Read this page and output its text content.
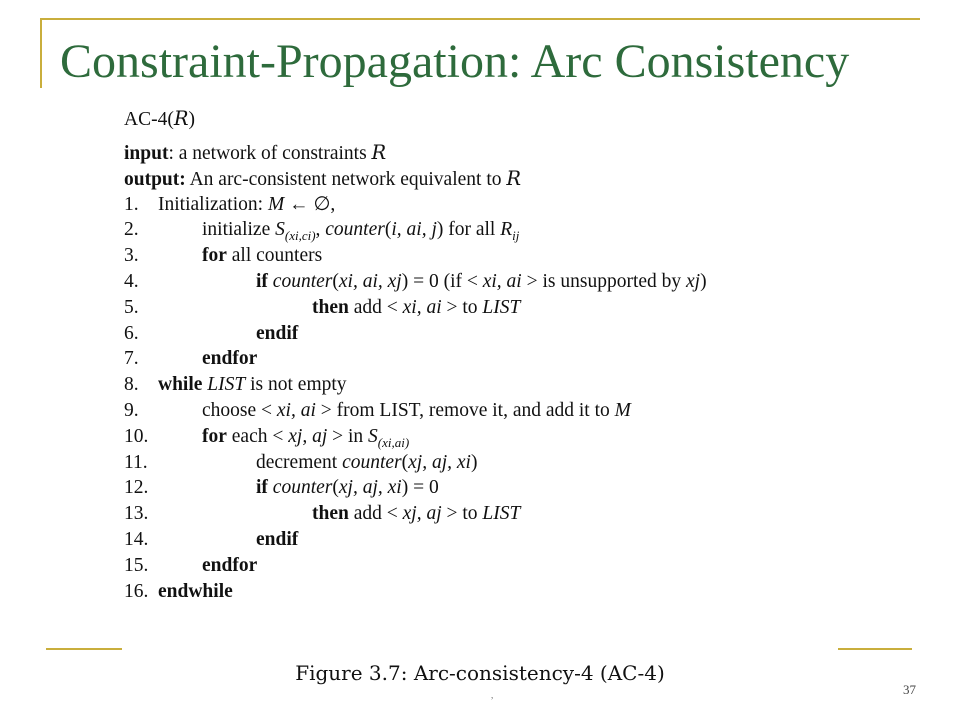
Constraint-Propagation: Arc Consistency
AC-4(R)
input: a network of constraints R
output: An arc-consistent network equivalent to R
1. Initialization: M ← ∅,
2.	initialize $S_{(xi,ci)}$, counter(i, ai, j) for all $R_{ij}$
3.	for all counters
4.	if counter(xi, ai, xj) = 0 (if < xi, ai > is unsupported by xj)
5.	then add < xi, ai > to LIST
6.	endif
7.	endfor
8. while LIST is not empty
9.	choose < xi, ai > from LIST, remove it, and add it to M
10.	for each < xj, aj > in $S_{(xi,ai)}$
11.	decrement counter(xj, aj, xi)
12.	if counter(xj, aj, xi) = 0
13.	then add < xj, aj > to LIST
14.	endif
15.	endfor
16. endwhile
Figure 3.7: Arc-consistency-4 (AC-4)
,	37
